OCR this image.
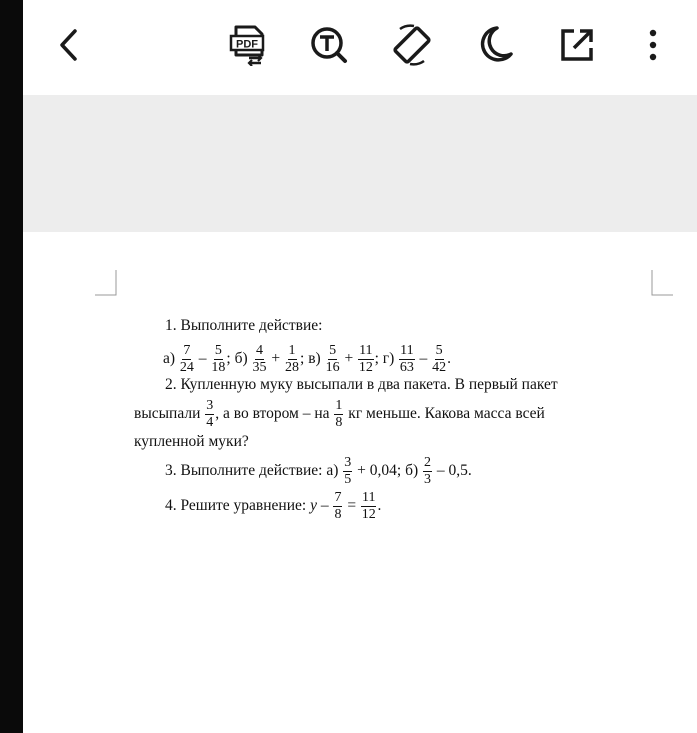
PDF
1. Выполните действие:
$а) \frac{7}{24} - \frac{5}{18}$ ; $б) \frac{4}{35} + \frac{1}{28}$ ; $в) \frac{5}{16} + \frac{11}{12}$ ; $г) \frac{11}{63} - \frac{5}{42}$ .
2. Купленную муку высыпали в два пакета. В первый пакет
высыпали $\frac{3}{4}$ , а во втором – на $\frac{1}{8}$ кг меньше. Какова масса всей
купленной муки?
3. Выполните действие: $а) \frac{3}{5} + 0,04$; $б) \frac{2}{3} - 0,5$.
4. Решите уравнение: $y - \frac{7}{8} = \frac{11}{12}$ .
